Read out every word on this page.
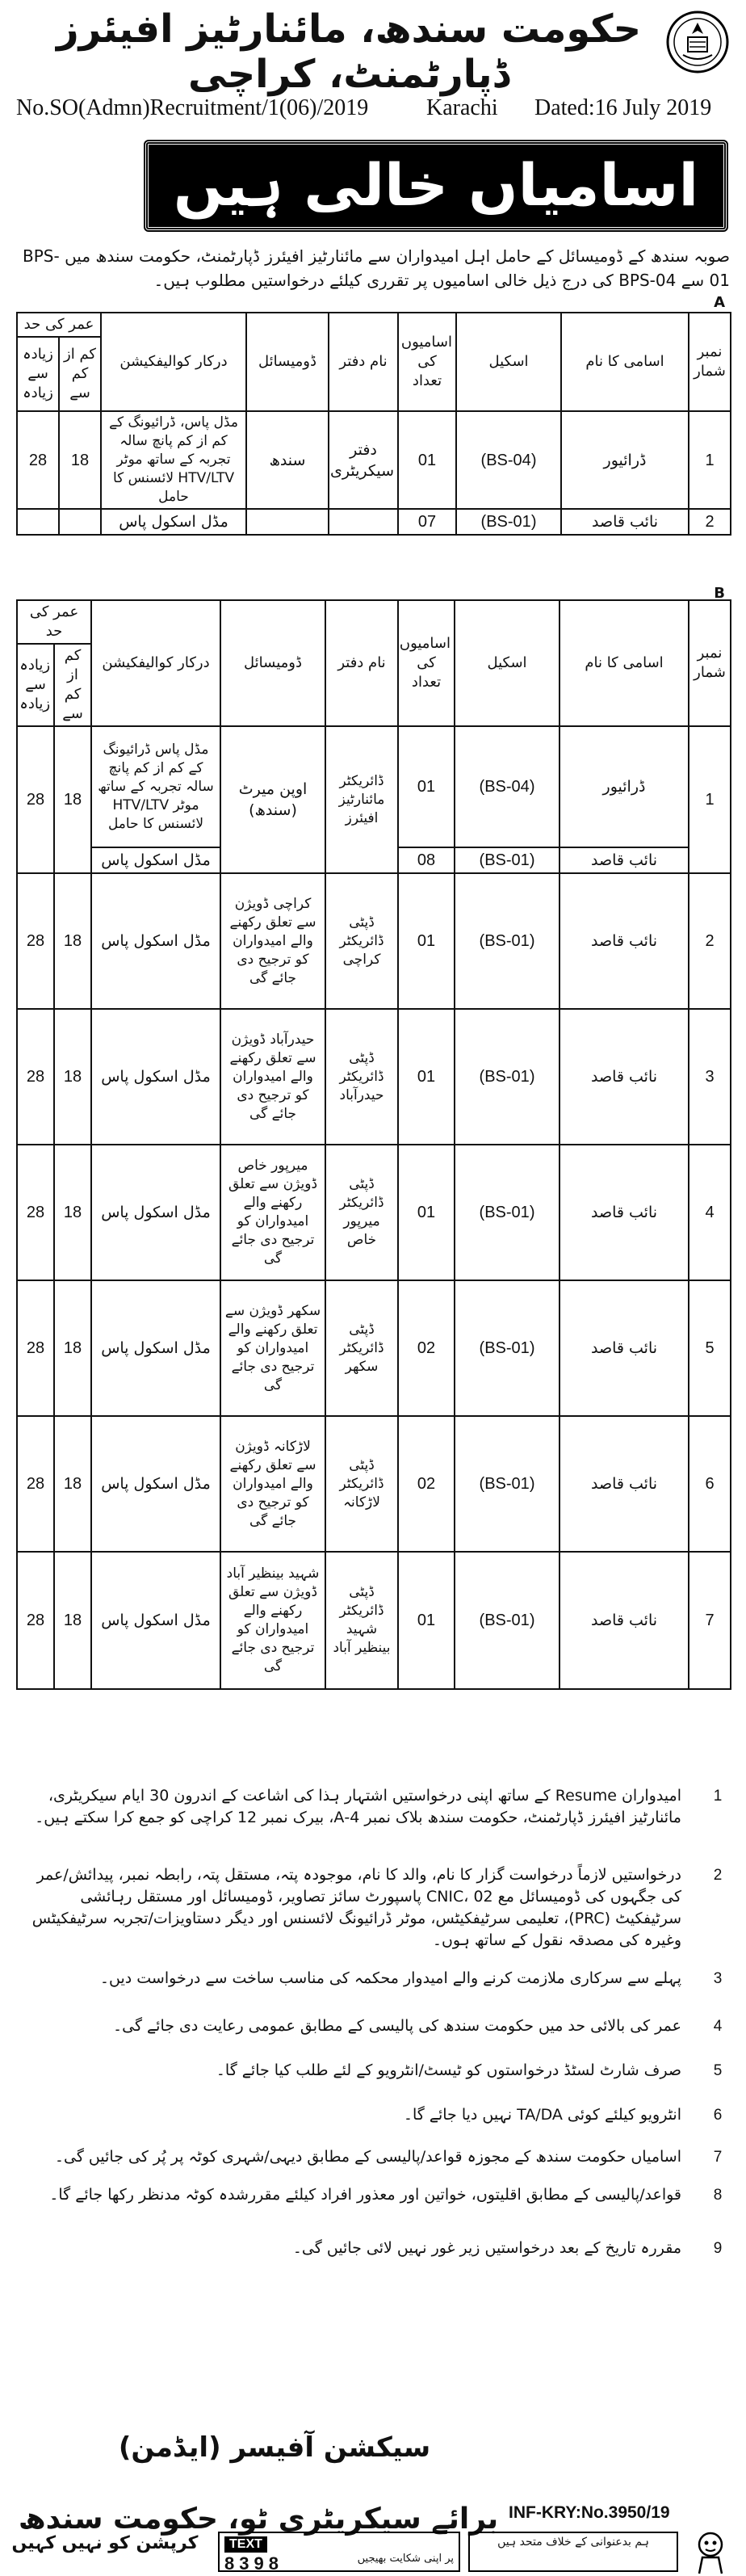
حکومت سندھ، مائنارٹیز افیئرز ڈپارٹمنٹ، کراچی
No.SO(Admn)Recruitment/1(06)/2019	Karachi Dated:16 July 2019
اسامیاں خالی ہیں
صوبہ سندھ کے ڈومیسائل کے حامل اہل امیدواران سے مائنارٹیز افیئرز ڈپارٹمنٹ، حکومت سندھ میں BPS-01 سے BPS-04 کی درج ذیل خالی اسامیوں پر تقرری کیلئے درخواستیں مطلوب ہیں۔
A
نمبر شمار	اسامی کا نام	اسکیل	اسامیوں کی تعداد	نام دفتر	ڈومیسائل	درکار کوالیفکیشن	عمر کی حد	
							کم از کم سے	زیادہ سے زیادہ
1	ڈرائیور	(BS-04)	01	دفتر سیکریٹری	سندھ	مڈل پاس، ڈرائیونگ کے کم از کم پانچ سالہ تجربہ کے ساتھ موٹر HTV/LTV لائسنس کا حامل	18	28
2	نائب قاصد	(BS-01)	07			مڈل اسکول پاس		
B
نمبر شمار	اسامی کا نام	اسکیل	اسامیوں کی تعداد	نام دفتر	ڈومیسائل	درکار کوالیفکیشن	عمر کی حد	
							کم از کم سے	زیادہ سے زیادہ
1	ڈرائیور	(BS-04)	01	ڈائریکٹر مائنارٹیز افیئرز	اوپن میرٹ (سندھ)	مڈل پاس ڈرائیونگ کے کم از کم پانچ سالہ تجربہ کے ساتھ موٹر HTV/LTV لائسنس کا حامل	18	28
	نائب قاصد	(BS-01)	08			مڈل اسکول پاس		
2	نائب قاصد	(BS-01)	01	ڈپٹی ڈائریکٹر کراچی	کراچی ڈویژن سے تعلق رکھنے والے امیدواران کو ترجیح دی جائے گی	مڈل اسکول پاس	18	28
3	نائب قاصد	(BS-01)	01	ڈپٹی ڈائریکٹر حیدرآباد	حیدرآباد ڈویژن سے تعلق رکھنے والے امیدواران کو ترجیح دی جائے گی	مڈل اسکول پاس	18	28
4	نائب قاصد	(BS-01)	01	ڈپٹی ڈائریکٹر میرپور خاص	میرپور خاص ڈویژن سے تعلق رکھنے والے امیدواران کو ترجیح دی جائے گی	مڈل اسکول پاس	18	28
5	نائب قاصد	(BS-01)	02	ڈپٹی ڈائریکٹر سکھر	سکھر ڈویژن سے تعلق رکھنے والے امیدواران کو ترجیح دی جائے گی	مڈل اسکول پاس	18	28
6	نائب قاصد	(BS-01)	02	ڈپٹی ڈائریکٹر لاڑکانہ	لاڑکانہ ڈویژن سے تعلق رکھنے والے امیدواران کو ترجیح دی جائے گی	مڈل اسکول پاس	18	28
7	نائب قاصد	(BS-01)	01	ڈپٹی ڈائریکٹر شہید بینظیر آباد	شہید بینظیر آباد ڈویژن سے تعلق رکھنے والے امیدواران کو ترجیح دی جائے گی	مڈل اسکول پاس	18	28
1
امیدواران Resume کے ساتھ اپنی درخواستیں اشتہار ہذا کی اشاعت کے اندرون 30 ایام سیکریٹری، مائنارٹیز افیئرز ڈپارٹمنٹ، حکومت سندھ بلاک نمبر 4-A، بیرک نمبر 12 کراچی کو جمع کرا سکتے ہیں۔
2
درخواستیں لازماً درخواست گزار کا نام، والد کا نام، موجودہ پتہ، مستقل پتہ، رابطہ نمبر، پیدائش/عمر کی جگہوں کی ڈومیسائل مع CNIC، 02 پاسپورٹ سائز تصاویر، ڈومیسائل اور مستقل رہائشی سرٹیفکیٹ (PRC)، تعلیمی سرٹیفکیٹس، موٹر ڈرائیونگ لائسنس اور دیگر دستاویزات/تجربہ سرٹیفکیٹس وغیرہ کی مصدقہ نقول کے ساتھ ہوں۔
3
پہلے سے سرکاری ملازمت کرنے والے امیدوار محکمہ کی مناسب ساخت سے درخواست دیں۔
4
عمر کی بالائی حد میں حکومت سندھ کی پالیسی کے مطابق عمومی رعایت دی جائے گی۔
5
صرف شارٹ لسٹڈ درخواستوں کو ٹیسٹ/انٹرویو کے لئے طلب کیا جائے گا۔
6
انٹرویو کیلئے کوئی TA/DA نہیں دیا جائے گا۔
7
اسامیاں حکومت سندھ کے مجوزہ قواعد/پالیسی کے مطابق دیہی/شہری کوٹہ پر پُر کی جائیں گی۔
8
قواعد/پالیسی کے مطابق اقلیتوں، خواتین اور معذور افراد کیلئے مقررشدہ کوٹہ مدنظر رکھا جائے گا۔
9
مقررہ تاریخ کے بعد درخواستیں زیر غور نہیں لائی جائیں گی۔
سیکشن آفیسر (ایڈمن)
برائے سیکریٹری ٹو، حکومت سندھ INF-KRY:No.3950/19
کرپشن کو نہیں کہیں	TEXT
8398	پر اپنی شکایت بھیجیں
ہم بدعنوانی کے خلاف متحد ہیں
